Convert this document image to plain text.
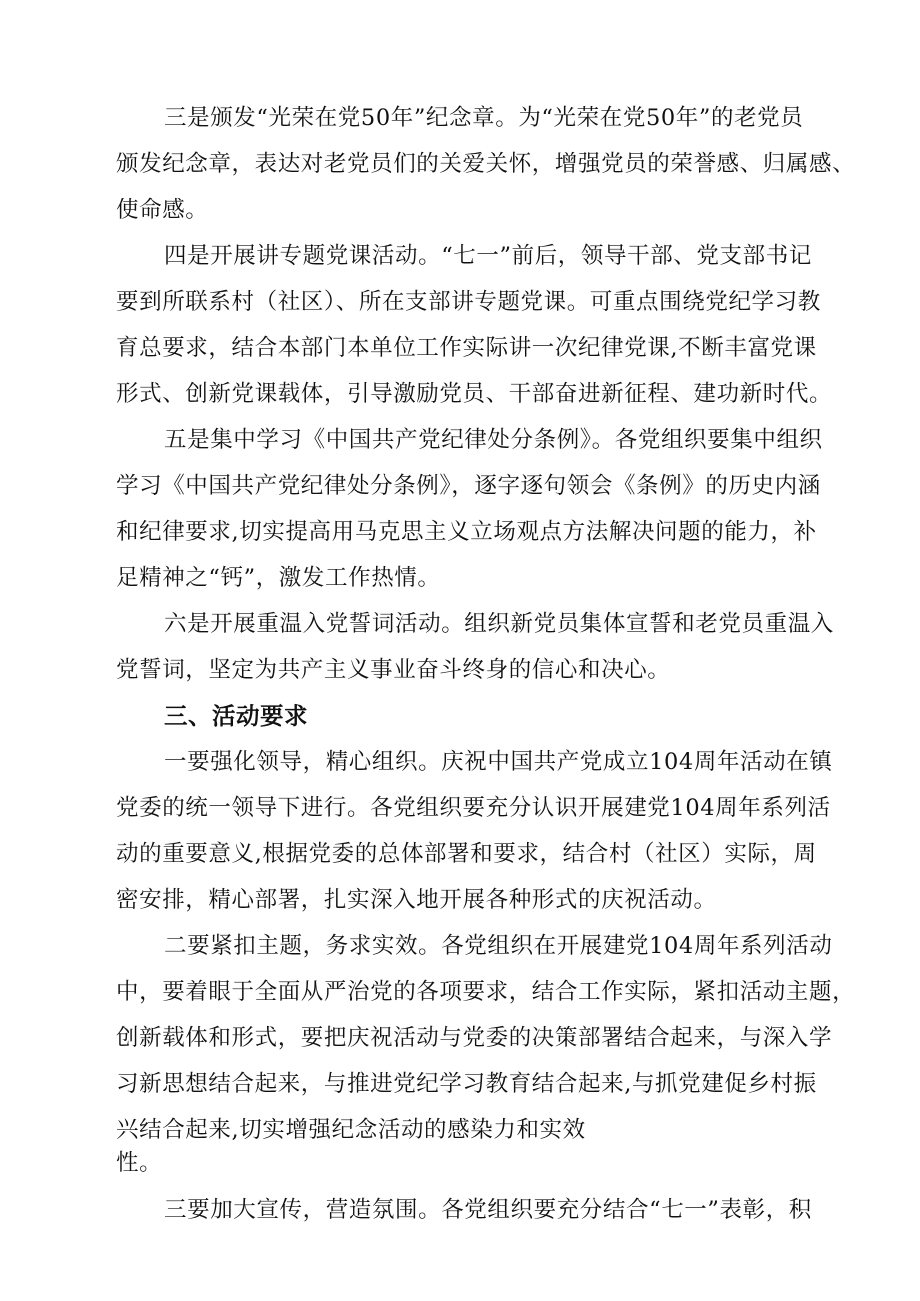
三是颁发“光荣在党50年”纪念章。为“光荣在党50年”的老党员
颁发纪念章，表达对老党员们的关爱关怀，增强党员的荣誉感、归属感、
使命感。
四是开展讲专题党课活动。“七一”前后，领导干部、党支部书记
要到所联系村（社区）、所在支部讲专题党课。可重点围绕党纪学习教
育总要求，结合本部门本单位工作实际讲一次纪律党课,不断丰富党课
形式、创新党课载体，引导激励党员、干部奋进新征程、建功新时代。
五是集中学习《中国共产党纪律处分条例》。各党组织要集中组织
学习《中国共产党纪律处分条例》，逐字逐句领会《条例》的历史内涵
和纪律要求,切实提高用马克思主义立场观点方法解决问题的能力，补
足精神之“钙”，激发工作热情。
六是开展重温入党誓词活动。组织新党员集体宣誓和老党员重温入
党誓词，坚定为共产主义事业奋斗终身的信心和决心。
三、活动要求
一要强化领导，精心组织。庆祝中国共产党成立104周年活动在镇
党委的统一领导下进行。各党组织要充分认识开展建党104周年系列活
动的重要意义,根据党委的总体部署和要求，结合村（社区）实际，周
密安排，精心部署，扎实深入地开展各种形式的庆祝活动。
二要紧扣主题，务求实效。各党组织在开展建党104周年系列活动
中，要着眼于全面从严治党的各项要求，结合工作实际，紧扣活动主题，
创新载体和形式，要把庆祝活动与党委的决策部署结合起来，与深入学
习新思想结合起来，与推进党纪学习教育结合起来,与抓党建促乡村振
兴结合起来,切实增强纪念活动的感染力和实效
性。
三要加大宣传，营造氛围。各党组织要充分结合“七一”表彰，积
